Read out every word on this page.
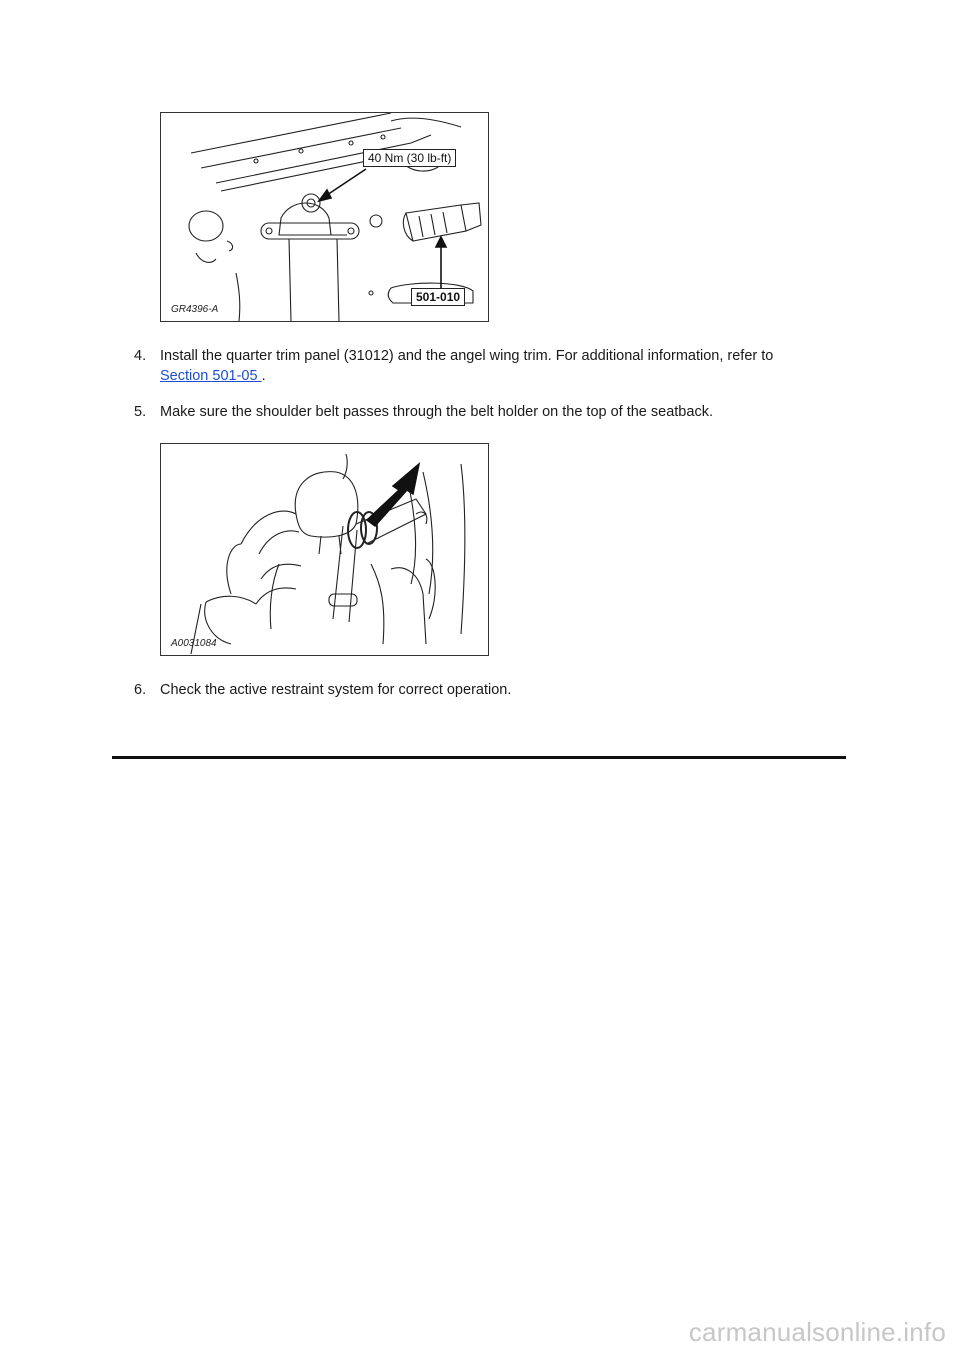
40 Nm (30 lb-ft)
501-010
GR4396-A
4. Install the quarter trim panel (31012) and the angel wing trim. For additional information, refer to
Section 501-05 .
5. Make sure the shoulder belt passes through the belt holder on the top of the seatback.
A0031084
6. Check the active restraint system for correct operation.
carmanualsonline.info
